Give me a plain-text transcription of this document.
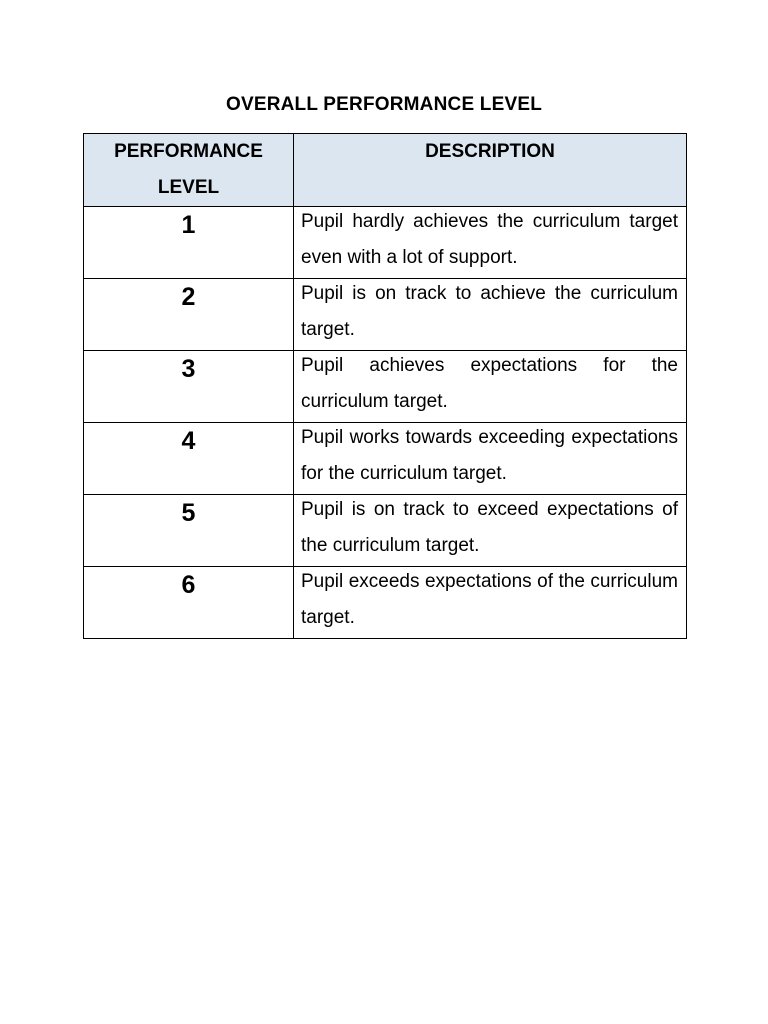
OVERALL PERFORMANCE LEVEL
PERFORMANCE LEVEL	DESCRIPTION

1	Pupil hardly achieves the curriculum target even with a lot of support.

2	Pupil is on track to achieve the curriculum target.

3	Pupil achieves expectations for the curriculum target.

4	Pupil works towards exceeding expectations for the curriculum target.

5	Pupil is on track to exceed expectations of the curriculum target.

6	Pupil exceeds expectations of the curriculum target.
